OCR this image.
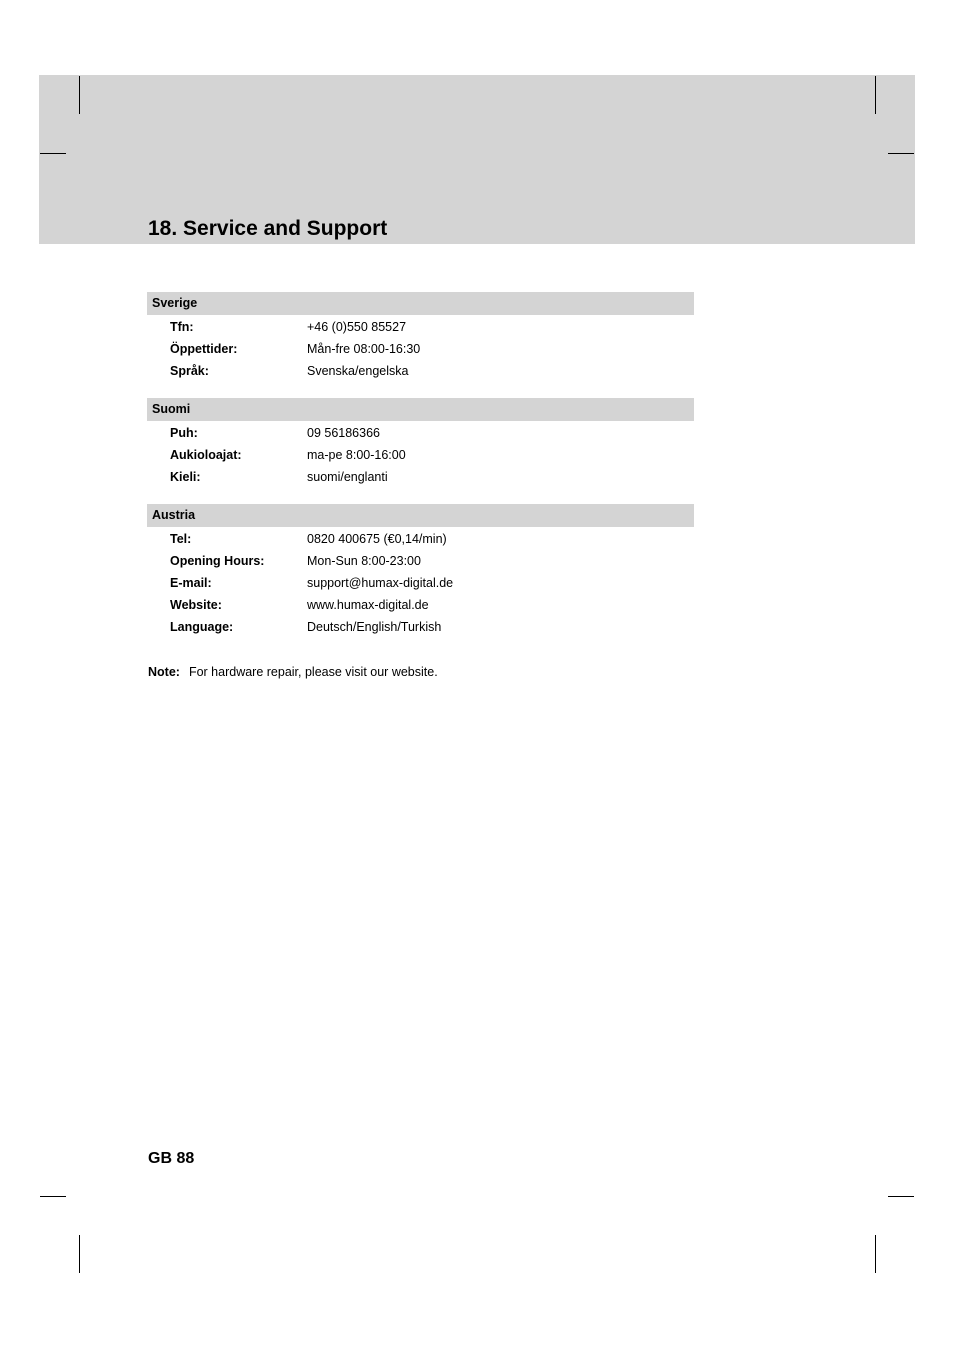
18. Service and Support
Sverige
Tfn:	+46 (0)550 85527
Öppettider:	Mån-fre 08:00-16:30
Språk:	Svenska/engelska
Suomi
Puh:	09 56186366
Aukioloajat:	ma-pe 8:00-16:00
Kieli:	suomi/englanti
Austria
Tel:	0820 400675 (€0,14/min)
Opening Hours:	Mon-Sun 8:00-23:00
E-mail:	support@humax-digital.de
Website:	www.humax-digital.de
Language:	Deutsch/English/Turkish
Note: For hardware repair, please visit our website.
GB 88
